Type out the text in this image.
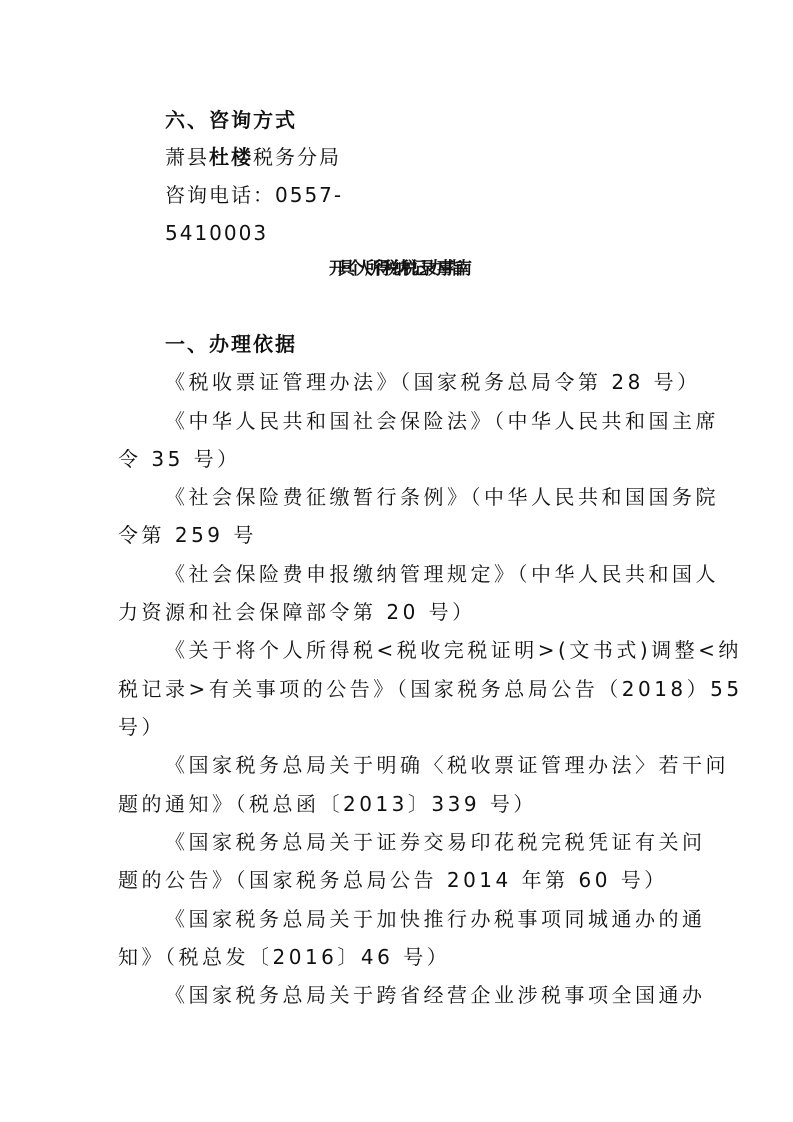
六、咨询方式
萧县杜楼税务分局
咨询电话：0557-
5410003
开具个人所得税纳税记录办事指南
一、办理依据
《税收票证管理办法》（国家税务总局令第 28 号）
《中华人民共和国社会保险法》（中华人民共和国主席
令 35 号）
《社会保险费征缴暂行条例》（中华人民共和国国务院
令第 259 号
《社会保险费申报缴纳管理规定》（中华人民共和国人
力资源和社会保障部令第 20 号）
《关于将个人所得税<税收完税证明>(文书式)调整<纳
税记录>有关事项的公告》（国家税务总局公告（2018）55
号）
《国家税务总局关于明确〈税收票证管理办法〉若干问
题的通知》（税总函〔2013〕339 号）
《国家税务总局关于证券交易印花税完税凭证有关问
题的公告》（国家税务总局公告 2014 年第 60 号）
《国家税务总局关于加快推行办税事项同城通办的通
知》（税总发〔2016〕46 号）
《国家税务总局关于跨省经营企业涉税事项全国通办
